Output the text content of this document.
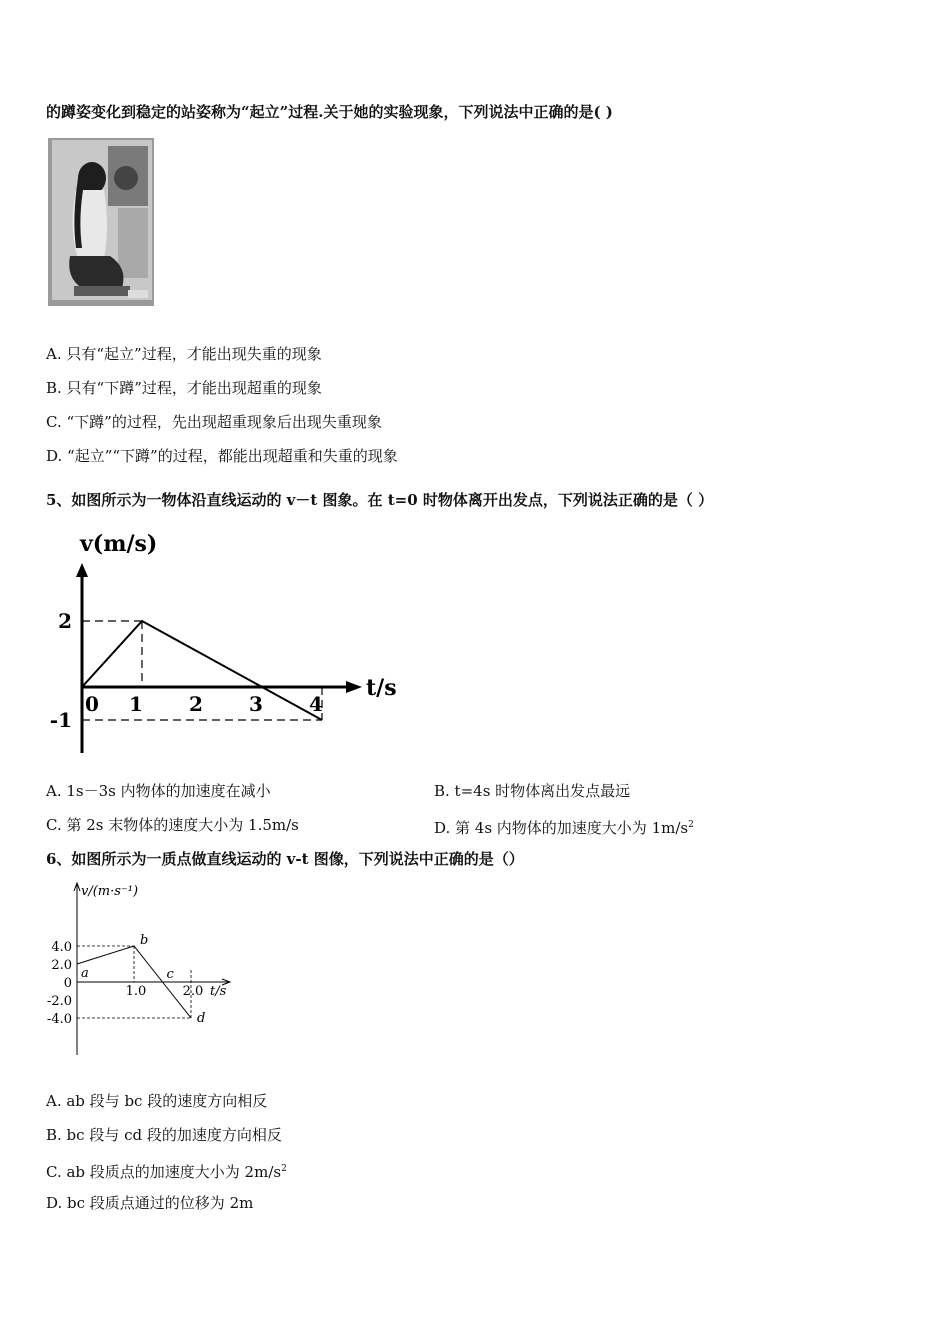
的蹲姿变化到稳定的站姿称为“起立”过程.关于她的实验现象，下列说法中正确的是( )
A. 只有“起立”过程，才能出现失重的现象
B. 只有“下蹲”过程，才能出现超重的现象
C. “下蹲”的过程，先出现超重现象后出现失重现象
D. “起立”“下蹲”的过程，都能出现超重和失重的现象
5、如图所示为一物体沿直线运动的 v－t 图象。在 t=0 时物体离开出发点，下列说法正确的是（ ）
v(m/s)
t/s
0 1 2 3 4
2
-1
A. 1s－3s 内物体的加速度在减小	B. t=4s 时物体离出发点最远
C. 第 2s 末物体的速度大小为 1.5m/s	D. 第 4s 内物体的加速度大小为 $1m/s^2$
6、如图所示为一质点做直线运动的 v-t 图像，下列说法中正确的是（）
v/(m·s⁻¹)
t/s
4.0
2.0
0
-2.0
-4.0
1.0	2.0
a
b
c
d
A. ab 段与 bc 段的速度方向相反
B. bc 段与 cd 段的加速度方向相反
C. ab 段质点的加速度大小为 $2m/s^2$
D. bc 段质点通过的位移为 2m
